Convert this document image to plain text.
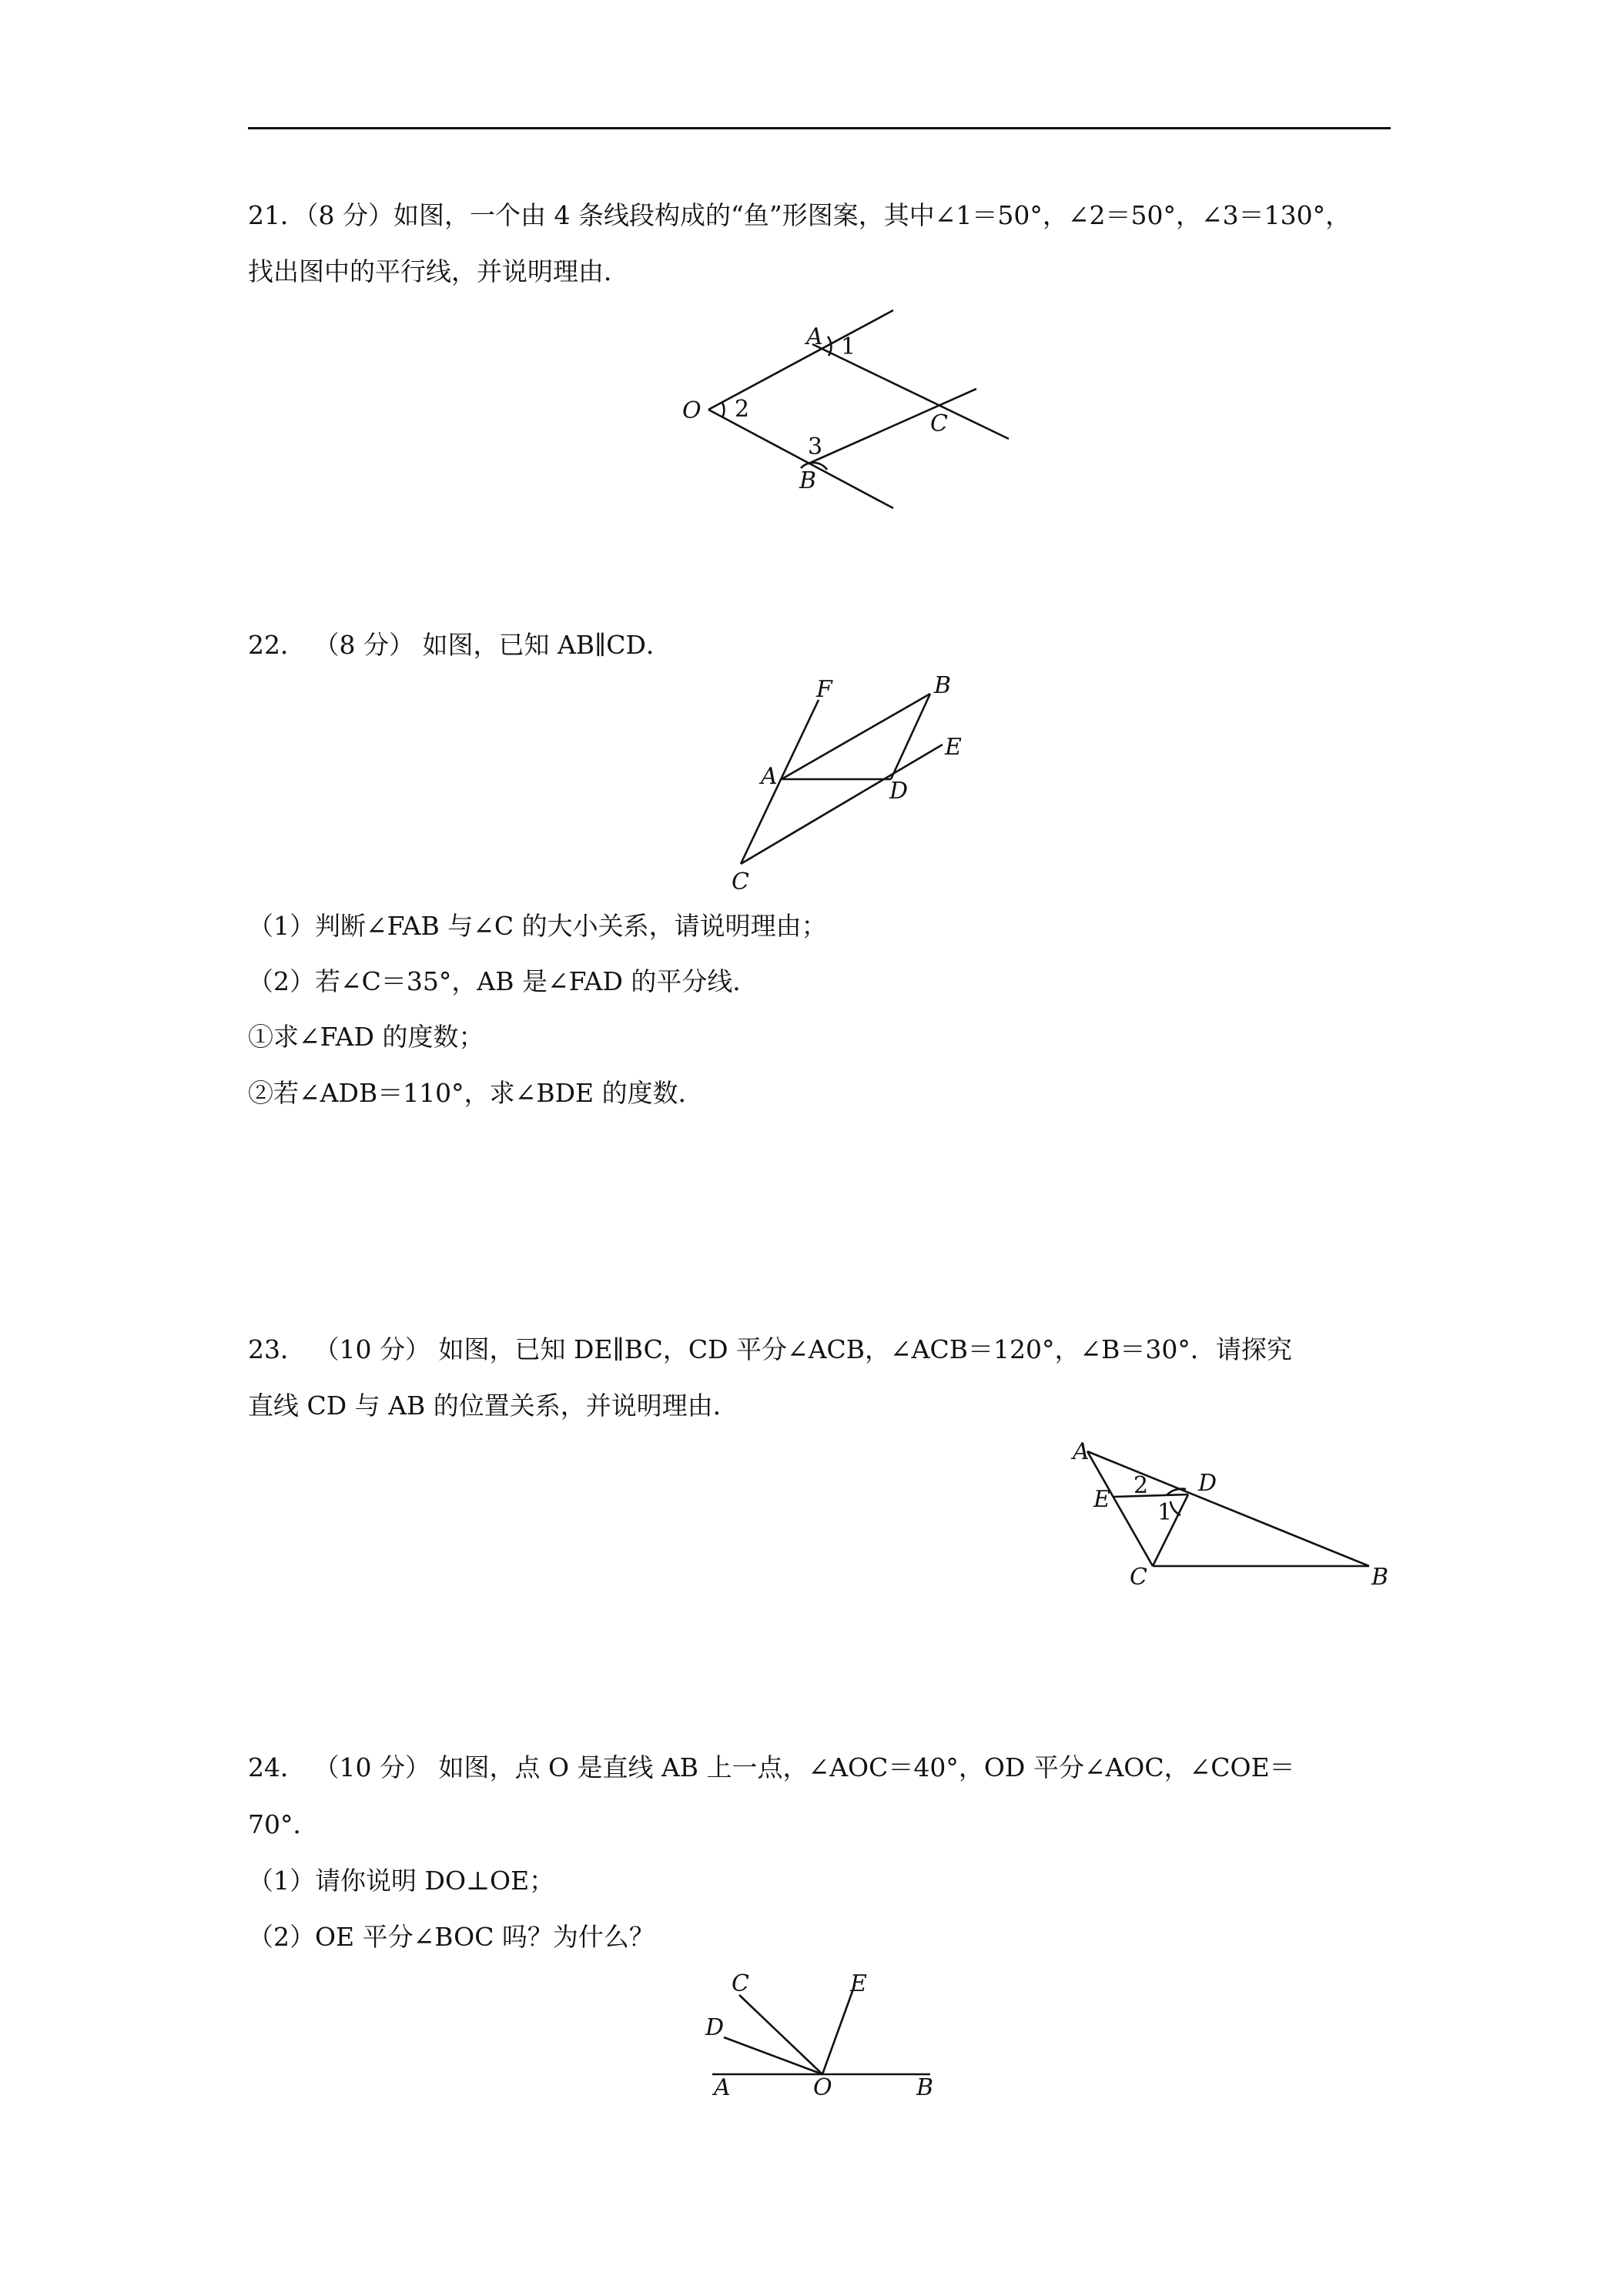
21．（8 分）如图，一个由 4 条线段构成的“鱼”形图案，其中∠1＝50°，∠2＝50°，∠3＝130°，
找出图中的平行线，并说明理由．
A 1
O 2
C
3
B
22． （8 分） 如图，已知 AB∥CD．
F	B
E
A
D
C
（1）判断∠FAB 与∠C 的大小关系，请说明理由；
（2）若∠C＝35°，AB 是∠FAD 的平分线．
①求∠FAD 的度数；
②若∠ADB＝110°，求∠BDE 的度数．
23． （10 分） 如图，已知 DE∥BC，CD 平分∠ACB，∠ACB＝120°，∠B＝30°．请探究
直线 CD 与 AB 的位置关系，并说明理由．
A
2 D
E 1
C	B
24． （10 分） 如图，点 O 是直线 AB 上一点，∠AOC＝40°，OD 平分∠AOC，∠COE＝
70°．
（1）请你说明 DO⊥OE；
（2）OE 平分∠BOC 吗？为什么？
C	E
D
A	O	B
